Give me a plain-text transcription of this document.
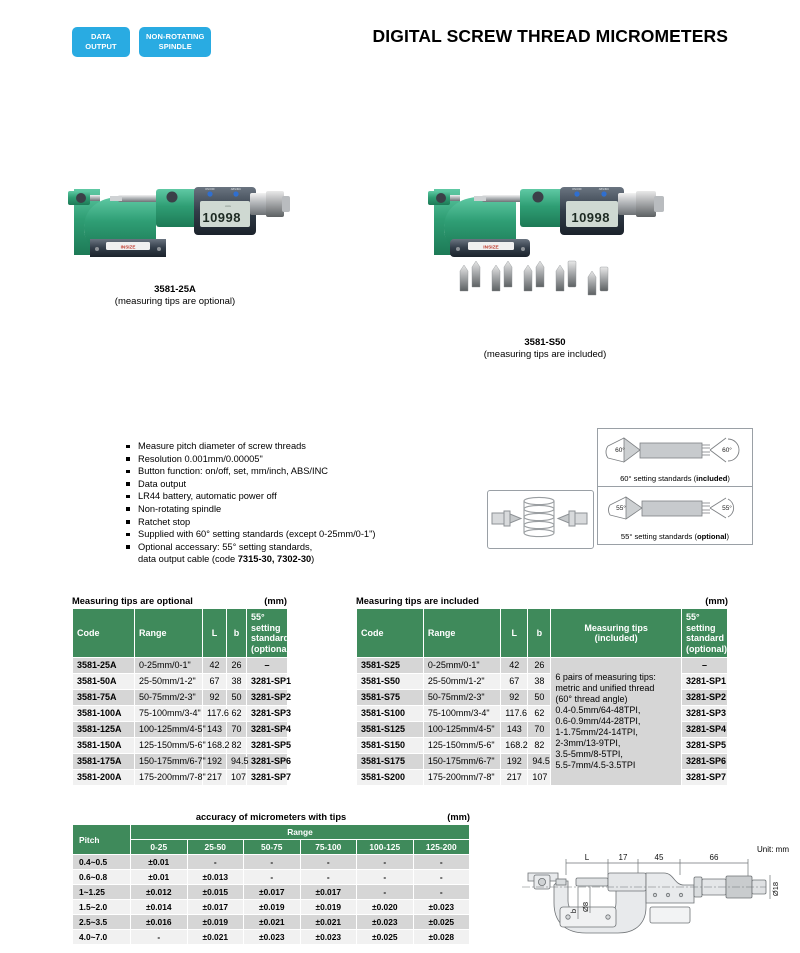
DATA
OUTPUT
NON-ROTATING
SPINDLE
DIGITAL SCREW THREAD MICROMETERS
INSIZE
10998
mm
ON/OFF	ABS/INC
3581-25A
(measuring tips are optional)
INSIZE
10998
ON/OFF	ABS/INC
3581-S50
(measuring tips are included)
Measure pitch diameter of screw threads
Resolution 0.001mm/0.00005"
Button function: on/off, set, mm/inch, ABS/INC
Data output
LR44 battery, automatic power off
Non-rotating spindle
Ratchet stop
Supplied with 60° setting standards (except 0-25mm/0-1")
Optional accessary: 55° setting standards,
data output cable (code 7315-30, 7302-30)
60°	60°
60° setting standards (included)
55°	55°
55° setting standards (optional)
Measuring tips are optional	(mm)
Code	Range	L	b	55° setting
standard
(optional)
3581-25A	0-25mm/0-1"	42	26	–
3581-50A	25-50mm/1-2"	67	38	3281-SP1
3581-75A	50-75mm/2-3"	92	50	3281-SP2
3581-100A	75-100mm/3-4"	117.6	62	3281-SP3
3581-125A	100-125mm/4-5"	143	70	3281-SP4
3581-150A	125-150mm/5-6"	168.2	82	3281-SP5
3581-175A	150-175mm/6-7"	192	94.5	3281-SP6
3581-200A	175-200mm/7-8"	217	107	3281-SP7
Measuring tips are included	(mm)
Code	Range	L	b	Measuring tips
(included)	55° setting
standard
(optional)
3581-S25	0-25mm/0-1"	42	26	6 pairs of measuring tips:
metric and unified thread
(60° thread angle)
0.4-0.5mm/64-48TPI,
0.6-0.9mm/44-28TPI,
1-1.75mm/24-14TPI,
2-3mm/13-9TPI,
3.5-5mm/8-5TPI,
5.5-7mm/4.5-3.5TPI	–
3581-S50	25-50mm/1-2"	67	38		3281-SP1
3581-S75	50-75mm/2-3"	92	50		3281-SP2
3581-S100	75-100mm/3-4"	117.6	62		3281-SP3
3581-S125	100-125mm/4-5"	143	70		3281-SP4
3581-S150	125-150mm/5-6"	168.2	82		3281-SP5
3581-S175	150-175mm/6-7"	192	94.5		3281-SP6
3581-S200	175-200mm/7-8"	217	107		3281-SP7
accuracy of micrometers with tips	(mm)
Pitch	Range					
	0-25	25-50	50-75	75-100	100-125	125-200
0.4~0.5	±0.01	-	-	-	-	-
0.6~0.8	±0.01	±0.013	-	-	-	-
1~1.25	±0.012	±0.015	±0.017	±0.017	-	-
1.5~2.0	±0.014	±0.017	±0.019	±0.019	±0.020	±0.023
2.5~3.5	±0.016	±0.019	±0.021	±0.021	±0.023	±0.025
4.0~7.0	-	±0.021	±0.023	±0.023	±0.025	±0.028
Unit: mm
L	17	45	66
b Ø8
Ø18
